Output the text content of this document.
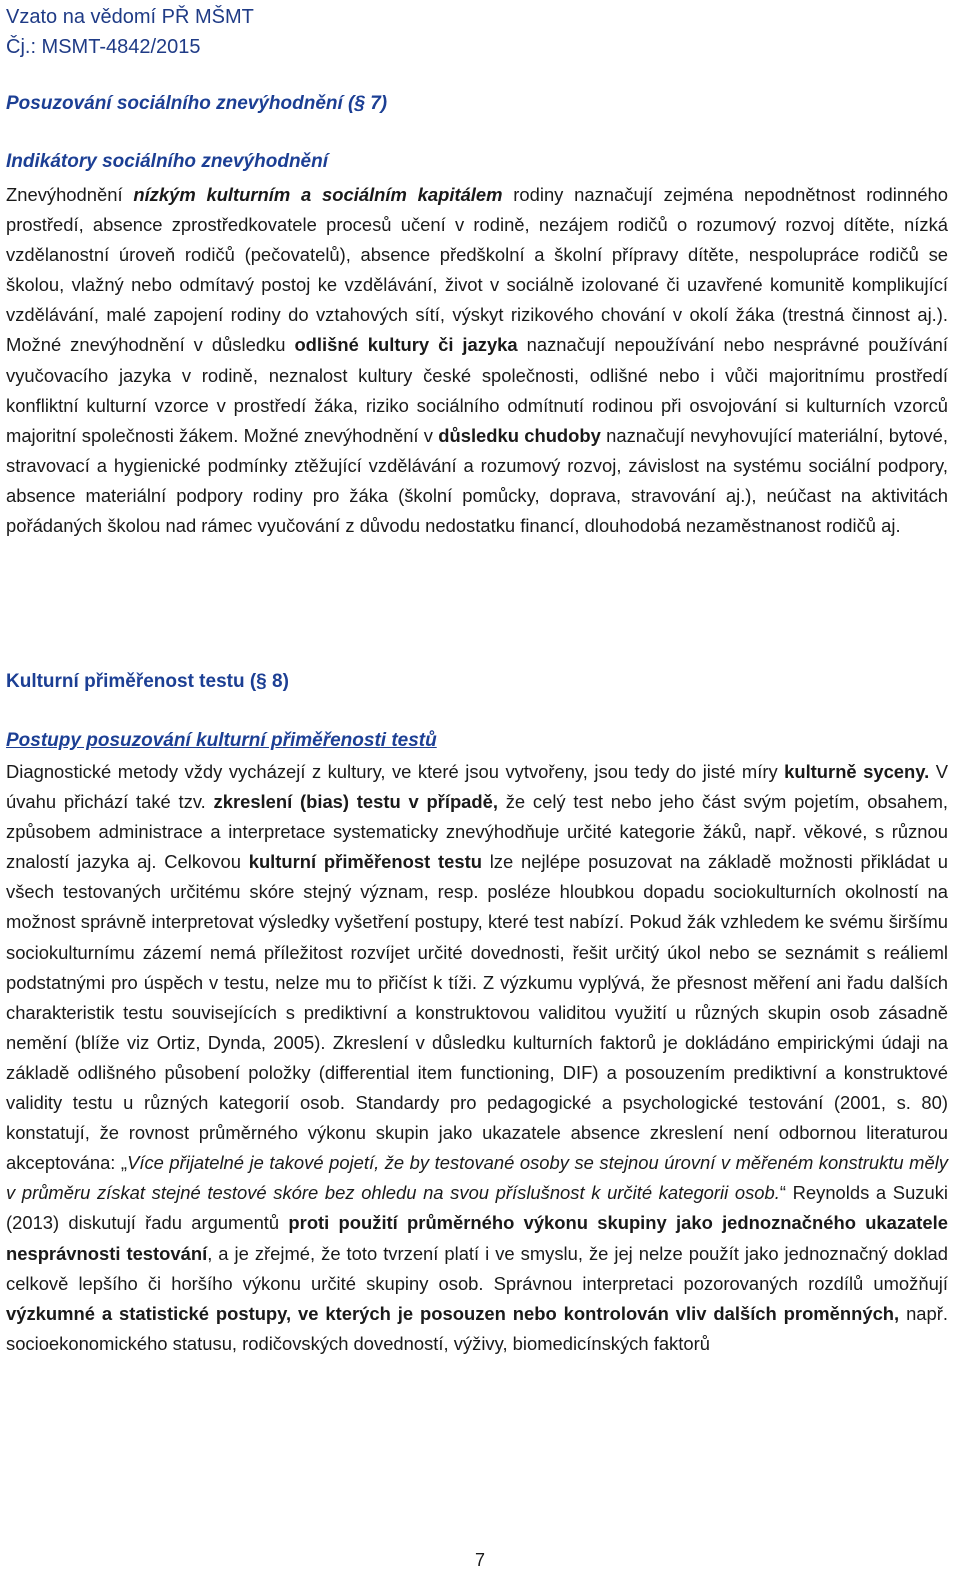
Vzato na vědomí PŘ MŠMT
Čj.: MSMT-4842/2015
Posuzování sociálního znevýhodnění (§ 7)
Indikátory sociálního znevýhodnění
Znevýhodnění nízkým kulturním a sociálním kapitálem rodiny naznačují zejména nepodnětnost rodinného prostředí, absence zprostředkovatele procesů učení v rodině, nezájem rodičů o rozumový rozvoj dítěte, nízká vzdělanostní úroveň rodičů (pečovatelů), absence předškolní a školní přípravy dítěte, nespolupráce rodičů se školou, vlažný nebo odmítavý postoj ke vzdělávání, život v sociálně izolované či uzavřené komunitě komplikující vzdělávání, malé zapojení rodiny do vztahových sítí, výskyt rizikového chování v okolí žáka (trestná činnost aj.). Možné znevýhodnění v důsledku odlišné kultury či jazyka naznačují nepoužívání nebo nesprávné používání vyučovacího jazyka v rodině, neznalost kultury české společnosti, odlišné nebo i vůči majoritnímu prostředí konfliktní kulturní vzorce v prostředí žáka, riziko sociálního odmítnutí rodinou při osvojování si kulturních vzorců majoritní společnosti žákem. Možné znevýhodnění v důsledku chudoby naznačují nevyhovující materiální, bytové, stravovací a hygienické podmínky ztěžující vzdělávání a rozumový rozvoj, závislost na systému sociální podpory, absence materiální podpory rodiny pro žáka (školní pomůcky, doprava, stravování aj.), neúčast na aktivitách pořádaných školou nad rámec vyučování z důvodu nedostatku financí, dlouhodobá nezaměstnanost rodičů aj.
Kulturní přiměřenost testu (§ 8)
Postupy posuzování kulturní přiměřenosti testů
Diagnostické metody vždy vycházejí z kultury, ve které jsou vytvořeny, jsou tedy do jisté míry kulturně syceny. V úvahu přichází také tzv. zkreslení (bias) testu v případě, že celý test nebo jeho část svým pojetím, obsahem, způsobem administrace a interpretace systematicky znevýhodňuje určité kategorie žáků, např. věkové, s různou znalostí jazyka aj. Celkovou kulturní přiměřenost testu lze nejlépe posuzovat na základě možnosti přikládat u všech testovaných určitému skóre stejný význam, resp. posléze hloubkou dopadu sociokulturních okolností na možnost správně interpretovat výsledky vyšetření postupy, které test nabízí. Pokud žák vzhledem ke svému širšímu sociokulturnímu zázemí nemá příležitost rozvíjet určité dovednosti, řešit určitý úkol nebo se seznámit s reálieml podstatnými pro úspěch v testu, nelze mu to přičíst k tíži. Z výzkumu vyplývá, že přesnost měření ani řadu dalších charakteristik testu souvisejících s prediktivní a konstruktovou validitou využití u různých skupin osob zásadně nemění (blíže viz Ortiz, Dynda, 2005). Zkreslení v důsledku kulturních faktorů je dokládáno empirickými údaji na základě odlišného působení položky (differential item functioning, DIF) a posouzením prediktivní a konstruktové validity testu u různých kategorií osob. Standardy pro pedagogické a psychologické testování (2001, s. 80) konstatují, že rovnost průměrného výkonu skupin jako ukazatele absence zkreslení není odbornou literaturou akceptována: „Více přijatelné je takové pojetí, že by testované osoby se stejnou úrovní v měřeném konstruktu měly v průměru získat stejné testové skóre bez ohledu na svou příslušnost k určité kategorii osob.“ Reynolds a Suzuki (2013) diskutují řadu argumentů proti použití průměrného výkonu skupiny jako jednoznačného ukazatele nesprávnosti testování, a je zřejmé, že toto tvrzení platí i ve smyslu, že jej nelze použít jako jednoznačný doklad celkově lepšího či horšího výkonu určité skupiny osob. Správnou interpretaci pozorovaných rozdílů umožňují výzkumné a statistické postupy, ve kterých je posouzen nebo kontrolován vliv dalších proměnných, např. socioekonomického statusu, rodičovských dovedností, výživy, biomedicínských faktorů
7
